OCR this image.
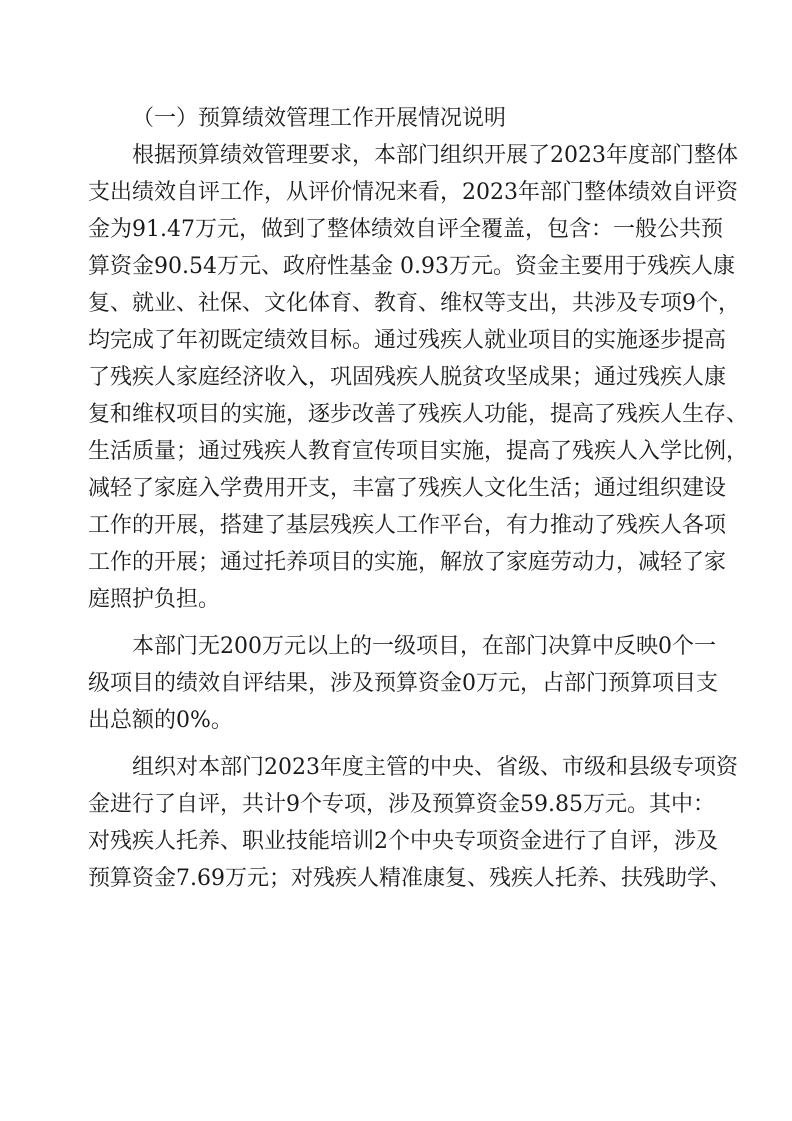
（一）预算绩效管理工作开展情况说明

根据预算绩效管理要求，本部门组织开展了2023年度部门整体

支出绩效自评工作，从评价情况来看，2023年部门整体绩效自评资

金为91.47万元，做到了整体绩效自评全覆盖，包含：一般公共预

算资金90.54万元、政府性基金 0.93万元。资金主要用于残疾人康

复、就业、社保、文化体育、教育、维权等支出，共涉及专项9个，

均完成了年初既定绩效目标。通过残疾人就业项目的实施逐步提高

了残疾人家庭经济收入，巩固残疾人脱贫攻坚成果；通过残疾人康

复和维权项目的实施，逐步改善了残疾人功能，提高了残疾人生存、

生活质量；通过残疾人教育宣传项目实施，提高了残疾人入学比例，

减轻了家庭入学费用开支，丰富了残疾人文化生活；通过组织建设

工作的开展，搭建了基层残疾人工作平台，有力推动了残疾人各项

工作的开展；通过托养项目的实施，解放了家庭劳动力，减轻了家

庭照护负担。

本部门无200万元以上的一级项目，在部门决算中反映0个一

级项目的绩效自评结果，涉及预算资金0万元，占部门预算项目支

出总额的0%。

组织对本部门2023年度主管的中央、省级、市级和县级专项资

金进行了自评，共计9个专项，涉及预算资金59.85万元。其中：

对残疾人托养、职业技能培训2个中央专项资金进行了自评，涉及

预算资金7.69万元；对残疾人精准康复、残疾人托养、扶残助学、
